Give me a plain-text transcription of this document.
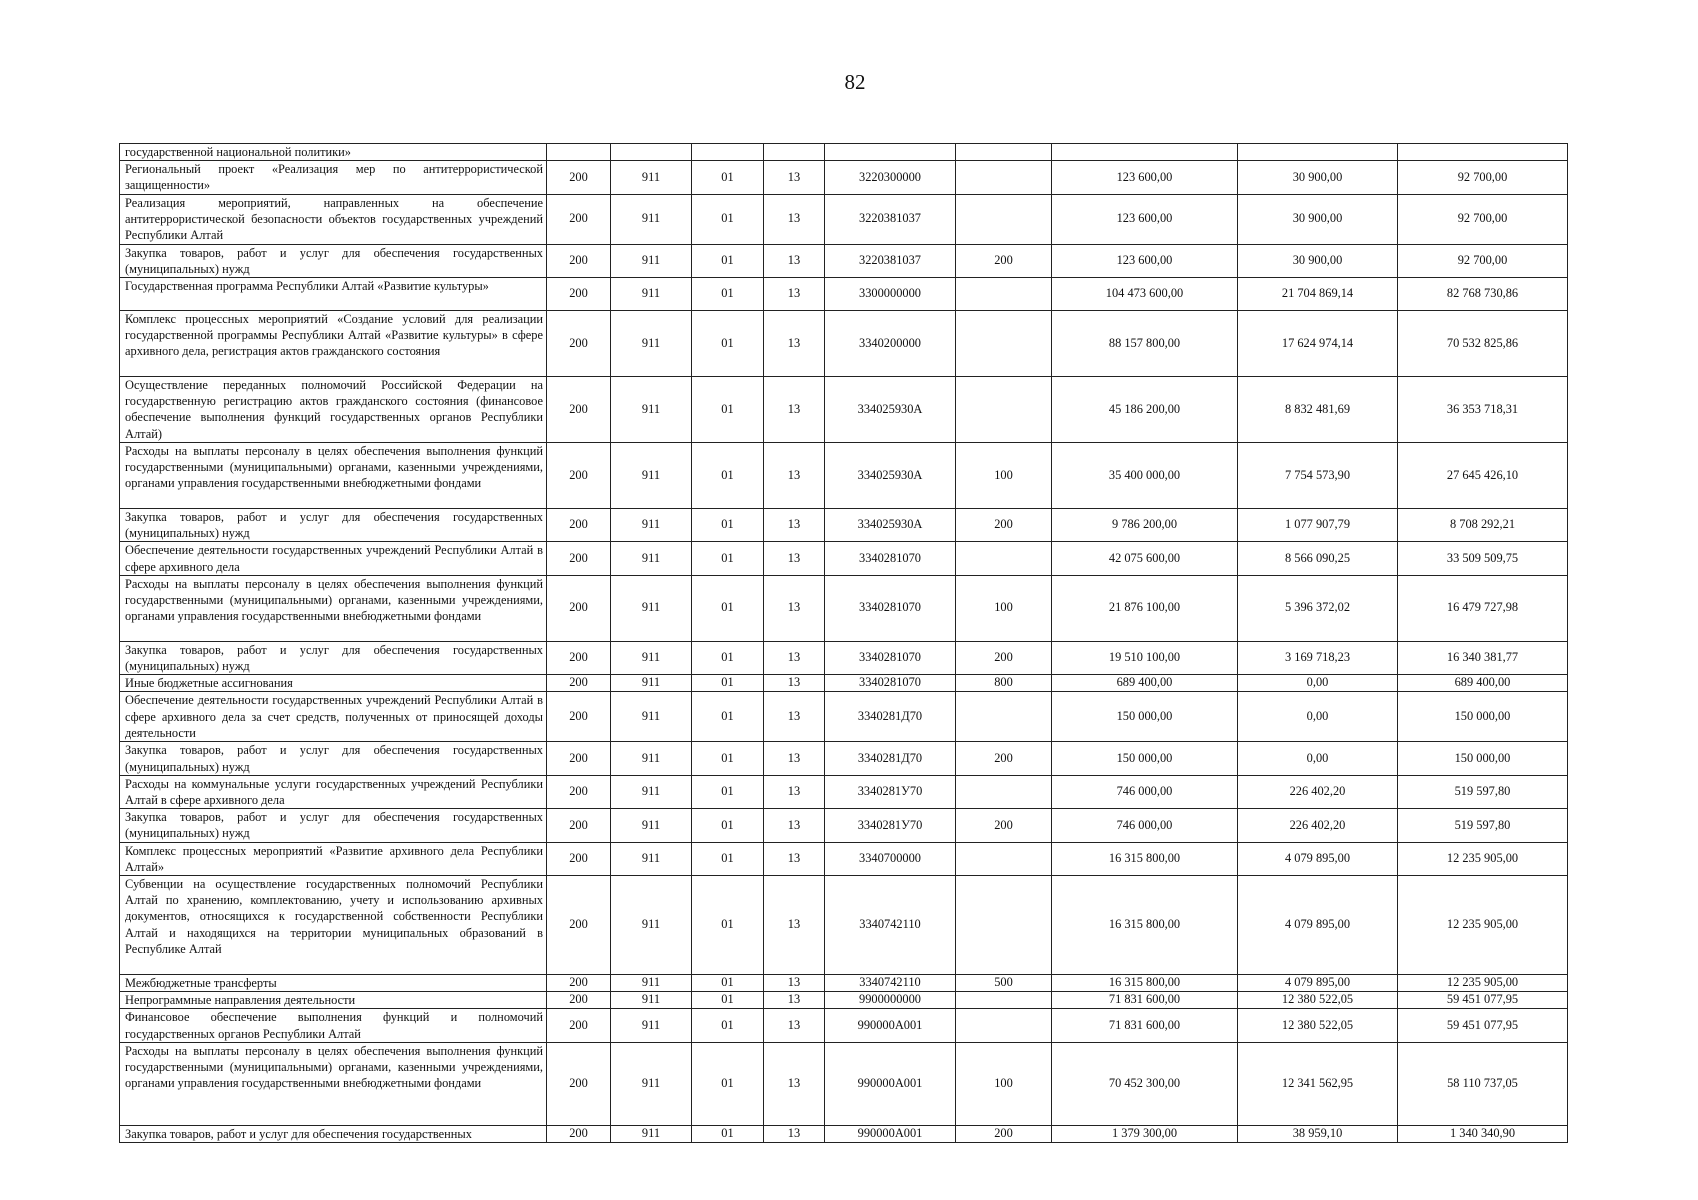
82
государственной национальной политики»									
Региональный проект «Реализация мер по антитеррористической защищенности»	200	911	01	13	3220300000		123 600,00	30 900,00	92 700,00
Реализация мероприятий, направленных на обеспечение антитеррористической безопасности объектов государственных учреждений Республики Алтай	200	911	01	13	3220381037		123 600,00	30 900,00	92 700,00
Закупка товаров, работ и услуг для обеспечения государственных (муниципальных) нужд	200	911	01	13	3220381037	200	123 600,00	30 900,00	92 700,00
Государственная программа Республики Алтай «Развитие культуры»	200	911	01	13	3300000000		104 473 600,00	21 704 869,14	82 768 730,86
Комплекс процессных мероприятий «Создание условий для реализации государственной программы Республики Алтай «Развитие культуры» в сфере архивного дела, регистрация актов гражданского состояния	200	911	01	13	3340200000		88 157 800,00	17 624 974,14	70 532 825,86
Осуществление переданных полномочий Российской Федерации на государственную регистрацию актов гражданского состояния (финансовое обеспечение выполнения функций государственных органов Республики Алтай)	200	911	01	13	334025930А		45 186 200,00	8 832 481,69	36 353 718,31
Расходы на выплаты персоналу в целях обеспечения выполнения функций государственными (муниципальными) органами, казенными учреждениями, органами управления государственными внебюджетными фондами	200	911	01	13	334025930А	100	35 400 000,00	7 754 573,90	27 645 426,10
Закупка товаров, работ и услуг для обеспечения государственных (муниципальных) нужд	200	911	01	13	334025930А	200	9 786 200,00	1 077 907,79	8 708 292,21
Обеспечение деятельности государственных учреждений Республики Алтай в сфере архивного дела	200	911	01	13	3340281070		42 075 600,00	8 566 090,25	33 509 509,75
Расходы на выплаты персоналу в целях обеспечения выполнения функций государственными (муниципальными) органами, казенными учреждениями, органами управления государственными внебюджетными фондами	200	911	01	13	3340281070	100	21 876 100,00	5 396 372,02	16 479 727,98
Закупка товаров, работ и услуг для обеспечения государственных (муниципальных) нужд	200	911	01	13	3340281070	200	19 510 100,00	3 169 718,23	16 340 381,77
Иные бюджетные ассигнования	200	911	01	13	3340281070	800	689 400,00	0,00	689 400,00
Обеспечение деятельности государственных учреждений Республики Алтай в сфере архивного дела за счет средств, полученных от приносящей доходы деятельности	200	911	01	13	3340281Д70		150 000,00	0,00	150 000,00
Закупка товаров, работ и услуг для обеспечения государственных (муниципальных) нужд	200	911	01	13	3340281Д70	200	150 000,00	0,00	150 000,00
Расходы на коммунальные услуги государственных учреждений Республики Алтай в сфере архивного дела	200	911	01	13	3340281У70		746 000,00	226 402,20	519 597,80
Закупка товаров, работ и услуг для обеспечения государственных (муниципальных) нужд	200	911	01	13	3340281У70	200	746 000,00	226 402,20	519 597,80
Комплекс процессных мероприятий «Развитие архивного дела Республики Алтай»	200	911	01	13	3340700000		16 315 800,00	4 079 895,00	12 235 905,00
Субвенции на осуществление государственных полномочий Республики Алтай по хранению, комплектованию, учету и использованию архивных документов, относящихся к государственной собственности Республики Алтай и находящихся на территории муниципальных образований в Республике Алтай	200	911	01	13	3340742110		16 315 800,00	4 079 895,00	12 235 905,00
Межбюджетные трансферты	200	911	01	13	3340742110	500	16 315 800,00	4 079 895,00	12 235 905,00
Непрограммные направления деятельности	200	911	01	13	9900000000		71 831 600,00	12 380 522,05	59 451 077,95
Финансовое обеспечение выполнения функций и полномочий государственных органов Республики Алтай	200	911	01	13	990000А001		71 831 600,00	12 380 522,05	59 451 077,95
Расходы на выплаты персоналу в целях обеспечения выполнения функций государственными (муниципальными) органами, казенными учреждениями, органами управления государственными внебюджетными фондами	200	911	01	13	990000А001	100	70 452 300,00	12 341 562,95	58 110 737,05
Закупка товаров, работ и услуг для обеспечения государственных	200	911	01	13	990000А001	200	1 379 300,00	38 959,10	1 340 340,90
